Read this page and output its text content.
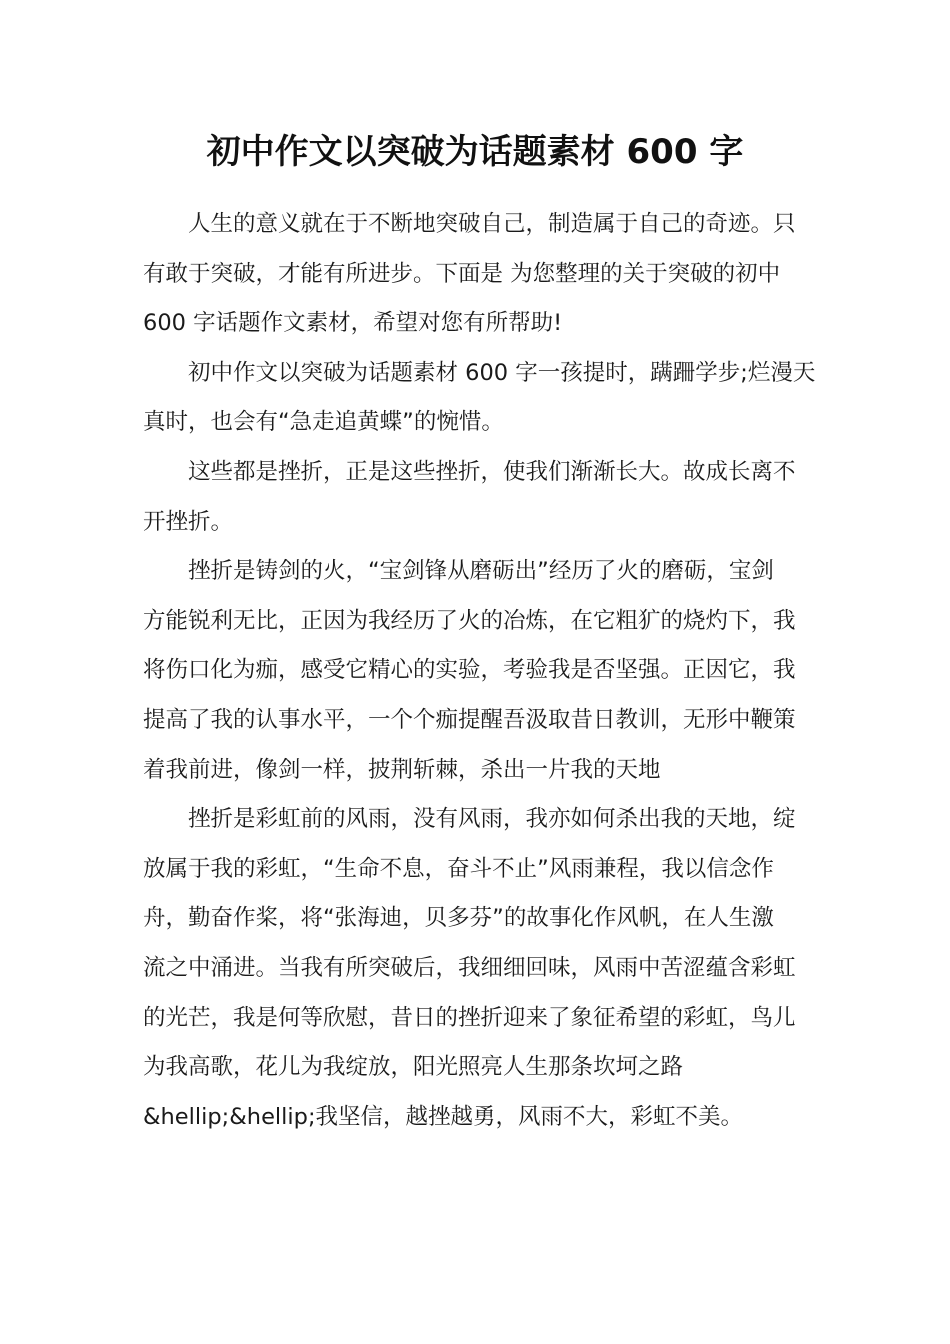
初中作文以突破为话题素材 600 字
人生的意义就在于不断地突破自己，制造属于自己的奇迹。只
有敢于突破，才能有所进步。下面是 为您整理的关于突破的初中
600 字话题作文素材，希望对您有所帮助!
初中作文以突破为话题素材 600 字一孩提时，蹒跚学步;烂漫天
真时，也会有“急走追黄蝶”的惋惜。
这些都是挫折，正是这些挫折，使我们渐渐长大。故成长离不
开挫折。
挫折是铸剑的火，“宝剑锋从磨砺出”经历了火的磨砺，宝剑
方能锐利无比，正因为我经历了火的冶炼，在它粗犷的烧灼下，我
将伤口化为痂，感受它精心的实验，考验我是否坚强。正因它，我
提高了我的认事水平，一个个痂提醒吾汲取昔日教训，无形中鞭策
着我前进，像剑一样，披荆斩棘，杀出一片我的天地
挫折是彩虹前的风雨，没有风雨，我亦如何杀出我的天地，绽
放属于我的彩虹，“生命不息，奋斗不止”风雨兼程，我以信念作
舟，勤奋作桨，将“张海迪，贝多芬”的故事化作风帆，在人生激
流之中涌进。当我有所突破后，我细细回味，风雨中苦涩蕴含彩虹
的光芒，我是何等欣慰，昔日的挫折迎来了象征希望的彩虹，鸟儿
为我高歌，花儿为我绽放，阳光照亮人生那条坎坷之路
&hellip;&hellip;我坚信，越挫越勇，风雨不大，彩虹不美。
